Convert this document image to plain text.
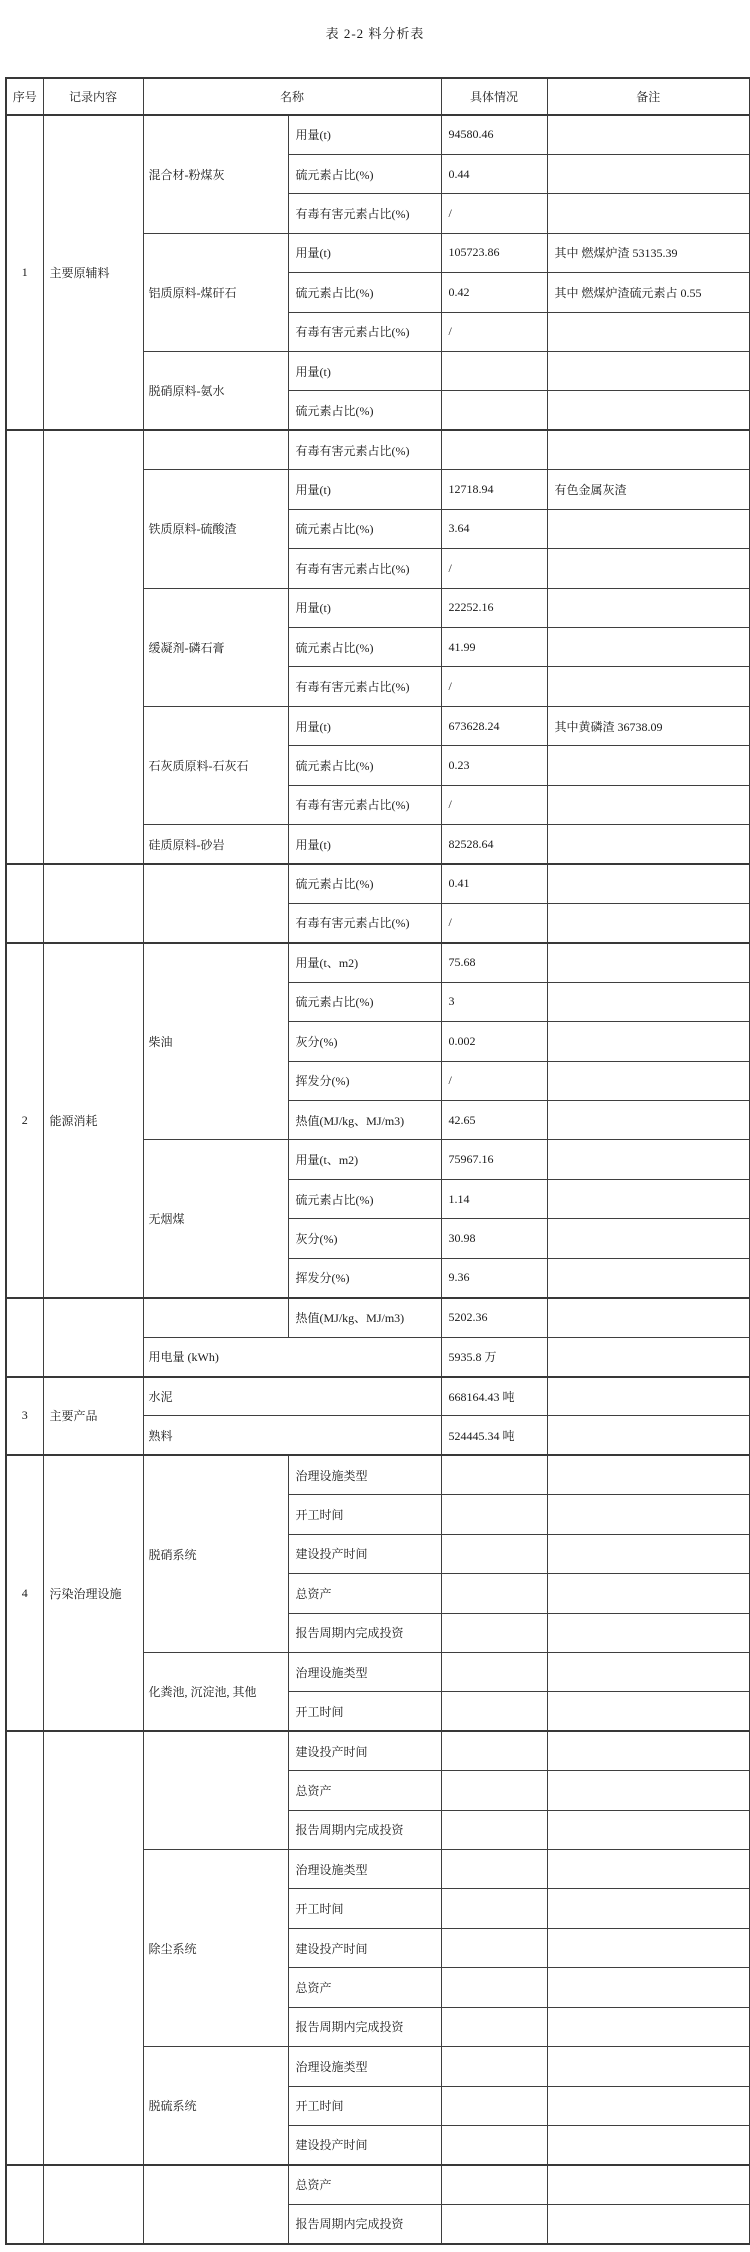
表 2-2 料分析表
序号	记录内容	名称		具体情况	备注
1	主要原辅料	混合材-粉煤灰	用量(t)	94580.46	
			硫元素占比(%)	0.44	
			有毒有害元素占比(%)	/	
		铝质原料-煤矸石	用量(t)	105723.86	其中 燃煤炉渣 53135.39
			硫元素占比(%)	0.42	其中 燃煤炉渣硫元素占 0.55
			有毒有害元素占比(%)	/	
		脱硝原料-氨水	用量(t)		
			硫元素占比(%)		
			有毒有害元素占比(%)		
		铁质原料-硫酸渣	用量(t)	12718.94	有色金属灰渣
			硫元素占比(%)	3.64	
			有毒有害元素占比(%)	/	
		缓凝剂-磷石膏	用量(t)	22252.16	
			硫元素占比(%)	41.99	
			有毒有害元素占比(%)	/	
		石灰质原料-石灰石	用量(t)	673628.24	其中黄磷渣 36738.09
			硫元素占比(%)	0.23	
			有毒有害元素占比(%)	/	
		硅质原料-砂岩	用量(t)	82528.64	
			硫元素占比(%)	0.41	
			有毒有害元素占比(%)	/	
2	能源消耗	柴油	用量(t、m2)	75.68	
			硫元素占比(%)	3	
			灰分(%)	0.002	
			挥发分(%)	/	
			热值(MJ/kg、MJ/m3)	42.65	
		无烟煤	用量(t、m2)	75967.16	
			硫元素占比(%)	1.14	
			灰分(%)	30.98	
			挥发分(%)	9.36	
			热值(MJ/kg、MJ/m3)	5202.36	
		用电量 (kWh)		5935.8 万	
3	主要产品	水泥		668164.43 吨	
		熟料		524445.34 吨	
4	污染治理设施	脱硝系统	治理设施类型		
			开工时间		
			建设投产时间		
			总资产		
			报告周期内完成投资		
		化粪池, 沉淀池, 其他	治理设施类型		
			开工时间		
			建设投产时间		
			总资产		
			报告周期内完成投资		
		除尘系统	治理设施类型		
			开工时间		
			建设投产时间		
			总资产		
			报告周期内完成投资		
		脱硫系统	治理设施类型		
			开工时间		
			建设投产时间		
			总资产		
			报告周期内完成投资		
